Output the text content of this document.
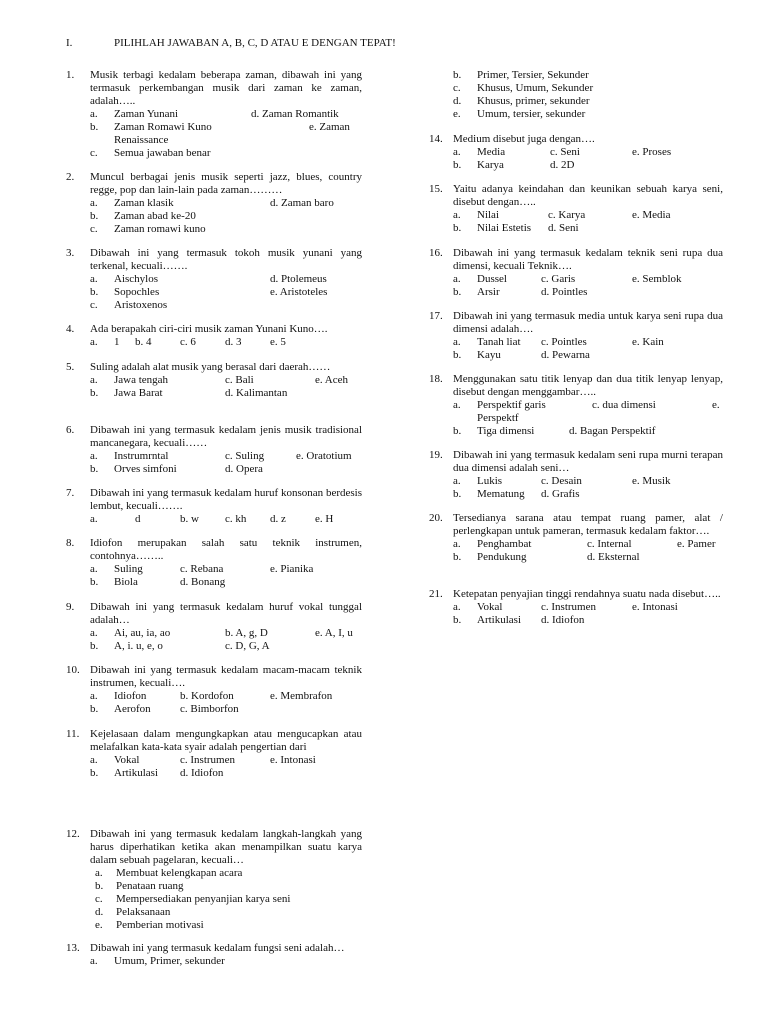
I.	PILIHLAH JAWABAN A, B, C, D ATAU E DENGAN TEPAT!
1. Musik terbagi kedalam beberapa zaman, dibawah ini yang termasuk perkembangan musik dari zaman ke zaman, adalah…..
a. Zaman Yunani	d. Zaman Romantik
b. Zaman Romawi Kuno	e. Zaman
Renaissance
c. Semua jawaban benar
2. Muncul berbagai jenis musik seperti jazz, blues, country regge, pop dan lain-lain pada zaman………
a. Zaman klasik	d. Zaman baro
b. Zaman abad ke-20
c. Zaman romawi kuno
3. Dibawah ini yang termasuk tokoh musik yunani yang terkenal, kecuali…….
a. Aischylos	d. Ptolemeus
b. Sopochles	e. Aristoteles
c. Aristoxenos
4. Ada berapakah ciri-ciri musik zaman Yunani Kuno….
a. 1 b. 4	c. 6	d. 3	e. 5
5. Suling adalah alat musik yang berasal dari daerah……
a. Jawa tengah	c. Bali	e. Aceh
b. Jawa Barat	d. Kalimantan
6. Dibawah ini yang termasuk kedalam jenis musik tradisional mancanegara, kecuali……
a. Instrumrntal	c. Suling	e. Oratotium
b. Orves simfoni	d. Opera
7. Dibawah ini yang termasuk kedalam huruf konsonan berdesis lembut, kecuali…….
a.	d	b. w c. kh d. z	e. H
8. Idiofon merupakan salah satu teknik instrumen, contohnya……..
a. Suling	c. Rebana	e. Pianika
b. Biola	d. Bonang
9. Dibawah ini yang termasuk kedalam huruf vokal tunggal adalah…
a. Ai, au, ia, ao	b. A, g, D	e. A, I, u
b. A, i. u, e, o	c. D, G, A
10. Dibawah ini yang termasuk kedalam macam-macam teknik instrumen, kecuali….
a. Idiofon	b. Kordofon	e. Membrafon
b. Aerofon	c. Bimborfon
11. Kejelasaan dalam mengungkapkan atau mengucapkan atau melafalkan kata-kata syair adalah pengertian dari
a. Vokal	c. Instrumen	e. Intonasi
b. Artikulasi d. Idiofon
12. Dibawah ini yang termasuk kedalam langkah-langkah yang harus diperhatikan ketika akan menampilkan suatu karya dalam sebuah pagelaran, kecuali…
a. Membuat kelengkapan acara
b. Penataan ruang
c. Mempersediakan penyanjian karya seni
d. Pelaksanaan
e. Pemberian motivasi
13. Dibawah ini yang termasuk kedalam fungsi seni adalah…
a. Umum, Primer, sekunder
b. Primer, Tersier, Sekunder
c. Khusus, Umum, Sekunder
d. Khusus, primer, sekunder
e. Umum, tersier, sekunder
14. Medium disebut juga dengan….
a. Media	c. Seni	e. Proses
b. Karya	d. 2D
15. Yaitu adanya keindahan dan keunikan sebuah karya seni, disebut dengan…..
a. Nilai	c. Karya	e. Media
b. Nilai Estetis d. Seni
16. Dibawah ini yang termasuk kedalam teknik seni rupa dua dimensi, kecuali Teknik….
a. Dussel	c. Garis	e. Semblok
b. Arsir	d. Pointles
17. Dibawah ini yang termasuk media untuk karya seni rupa dua dimensi adalah….
a. Tanah liat c. Pointles	e. Kain
b. Kayu	d. Pewarna
18. Menggunakan satu titik lenyap dan dua titik lenyap lenyap, disebut dengan menggambar…..
a. Perspektif garis	c. dua dimensi	e.
Perspektf
b. Tiga dimensi	d. Bagan Perspektif
19. Dibawah ini yang termasuk kedalam seni rupa murni terapan dua dimensi adalah seni…
a. Lukis	c. Desain	e. Musik
b. Mematung d. Grafis
20. Tersedianya sarana atau tempat ruang pamer, alat / perlengkapan untuk pameran, termasuk kedalam faktor….
a. Penghambat	c. Internal	e. Pamer
b. Pendukung	d. Eksternal
21. Ketepatan penyajian tinggi rendahnya suatu nada disebut…..
a. Vokal	c. Instrumen	e. Intonasi
b. Artikulasi d. Idiofon
